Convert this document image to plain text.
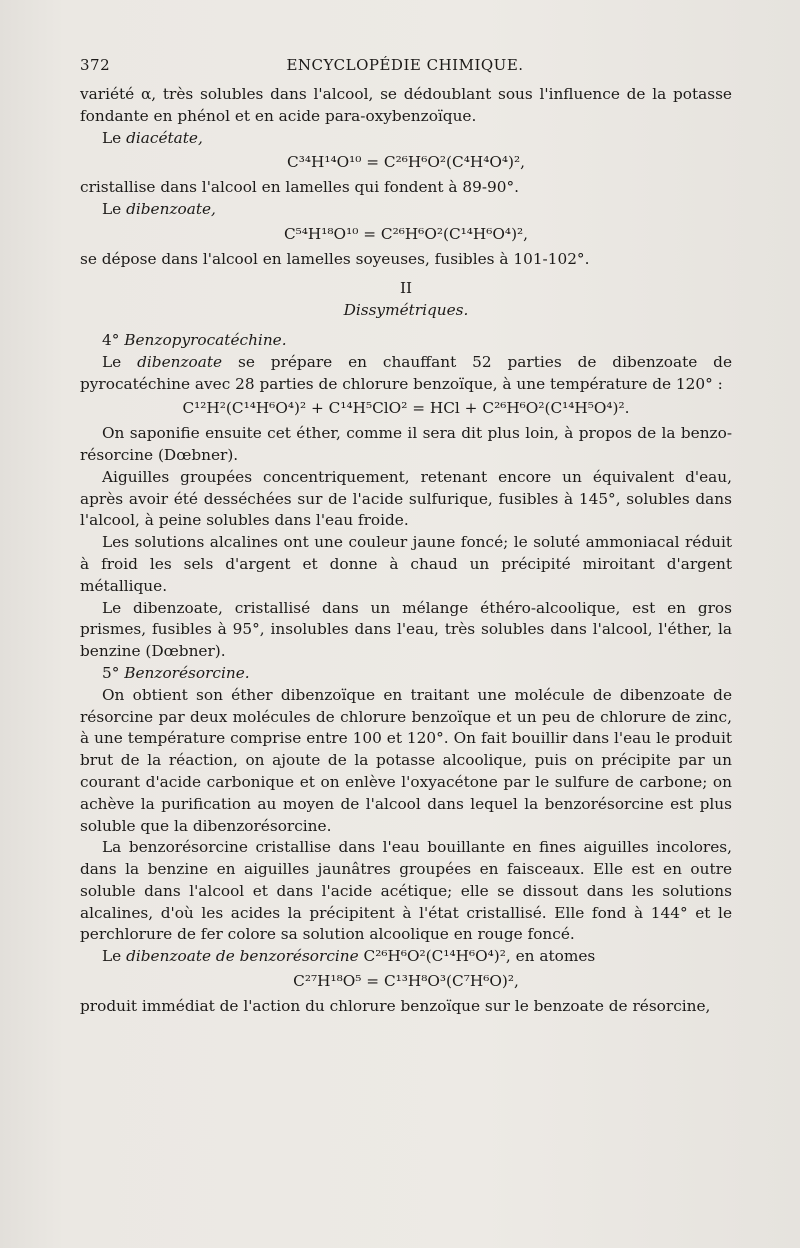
372	ENCYCLOPÉDIE CHIMIQUE.

variété α, très solubles dans l'alcool, se dédoublant sous l'influence de la potasse fondante en phénol et en acide para-oxybenzoïque.

Le diacétate,

C³⁴H¹⁴O¹⁰ = C²⁶H⁶O²(C⁴H⁴O⁴)²,

cristallise dans l'alcool en lamelles qui fondent à 89-90°.

Le dibenzoate,

C⁵⁴H¹⁸O¹⁰ = C²⁶H⁶O²(C¹⁴H⁶O⁴)²,

se dépose dans l'alcool en lamelles soyeuses, fusibles à 101-102°.

II

Dissymétriques.

4° Benzopyrocatéchine.

Le dibenzoate se prépare en chauffant 52 parties de dibenzoate de pyrocatéchine avec 28 parties de chlorure benzoïque, à une température de 120° :

C¹²H²(C¹⁴H⁶O⁴)² + C¹⁴H⁵ClO² = HCl + C²⁶H⁶O²(C¹⁴H⁵O⁴)².

On saponifie ensuite cet éther, comme il sera dit plus loin, à propos de la benzo-résorcine (Dœbner).

Aiguilles groupées concentriquement, retenant encore un équivalent d'eau, après avoir été desséchées sur de l'acide sulfurique, fusibles à 145°, solubles dans l'alcool, à peine solubles dans l'eau froide.

Les solutions alcalines ont une couleur jaune foncé; le soluté ammoniacal réduit à froid les sels d'argent et donne à chaud un précipité miroitant d'argent métallique.

Le dibenzoate, cristallisé dans un mélange éthéro-alcoolique, est en gros prismes, fusibles à 95°, insolubles dans l'eau, très solubles dans l'alcool, l'éther, la benzine (Dœbner).

5° Benzorésorcine.

On obtient son éther dibenzoïque en traitant une molécule de dibenzoate de résorcine par deux molécules de chlorure benzoïque et un peu de chlorure de zinc, à une température comprise entre 100 et 120°. On fait bouillir dans l'eau le produit brut de la réaction, on ajoute de la potasse alcoolique, puis on précipite par un courant d'acide carbonique et on enlève l'oxyacétone par le sulfure de carbone; on achève la purification au moyen de l'alcool dans lequel la benzorésorcine est plus soluble que la dibenzorésorcine.

La benzorésorcine cristallise dans l'eau bouillante en fines aiguilles incolores, dans la benzine en aiguilles jaunâtres groupées en faisceaux. Elle est en outre soluble dans l'alcool et dans l'acide acétique; elle se dissout dans les solutions alcalines, d'où les acides la précipitent à l'état cristallisé. Elle fond à 144° et le perchlorure de fer colore sa solution alcoolique en rouge foncé.

Le dibenzoate de benzorésorcine C²⁶H⁶O²(C¹⁴H⁶O⁴)², en atomes

C²⁷H¹⁸O⁵ = C¹³H⁸O³(C⁷H⁶O)²,

produit immédiat de l'action du chlorure benzoïque sur le benzoate de résorcine,
